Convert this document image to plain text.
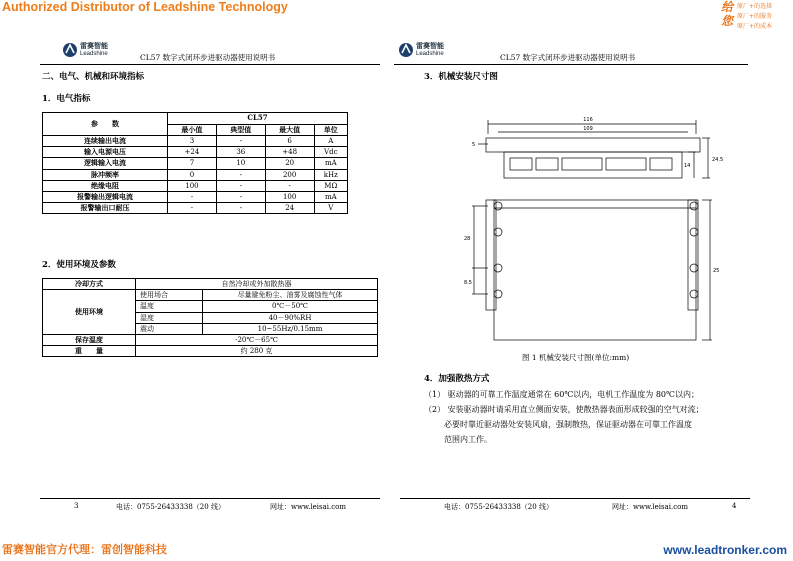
Authorized Distributor of Leadshine Technology	给您
原厂+的选择
原厂+的服务
原厂+的成本
雷赛智能
Leadshine	CL57 数字式闭环步进驱动器使用说明书
二、电气、机械和环境指标
1．电气指标
参　　数	CL57			
	最小值	典型值	最大值	单位
连续输出电流	3	-	6	A
输入电源电压	+24	36	+48	Vdc
逻辑输入电流	7	10	20	mA
脉冲频率	0	-	200	kHz
绝缘电阻	100	-	-	MΩ
报警输出逻辑电流	-	-	100	mA
报警输出口耐压	-	-	24	V
2．使用环境及参数
冷却方式	自然冷却或外加散热器	
使用环境	使用场合	尽量避免粉尘、油雾及腐蚀性气体
	温度	0℃－50℃
	湿度	40－90%RH
	震动	10~55Hz/0.15mm
保存温度	-20℃－65℃	
重　　量	约 280 克	
3	电话：0755-26433338（20 线）	网址：www.leisai.com
雷赛智能
Leadshine	CL57 数字式闭环步进驱动器使用说明书
3．机械安装尺寸图
116
109
5
24.5
14
28
8.5
25
图 1 机械安装尺寸图(单位:mm)
4．加强散热方式
（1） 驱动器的可靠工作温度通常在 60℃以内，电机工作温度为 80℃以内；
（2） 安装驱动器时请采用直立侧面安装，使散热器表面形成较强的空气对流；
必要时靠近驱动器处安装风扇，强制散热，保证驱动器在可靠工作温度
范围内工作。
电话：0755-26433338（20 线）	网址：www.leisai.com	4
雷赛智能官方代理：雷创智能科技	www.leadtronker.com
